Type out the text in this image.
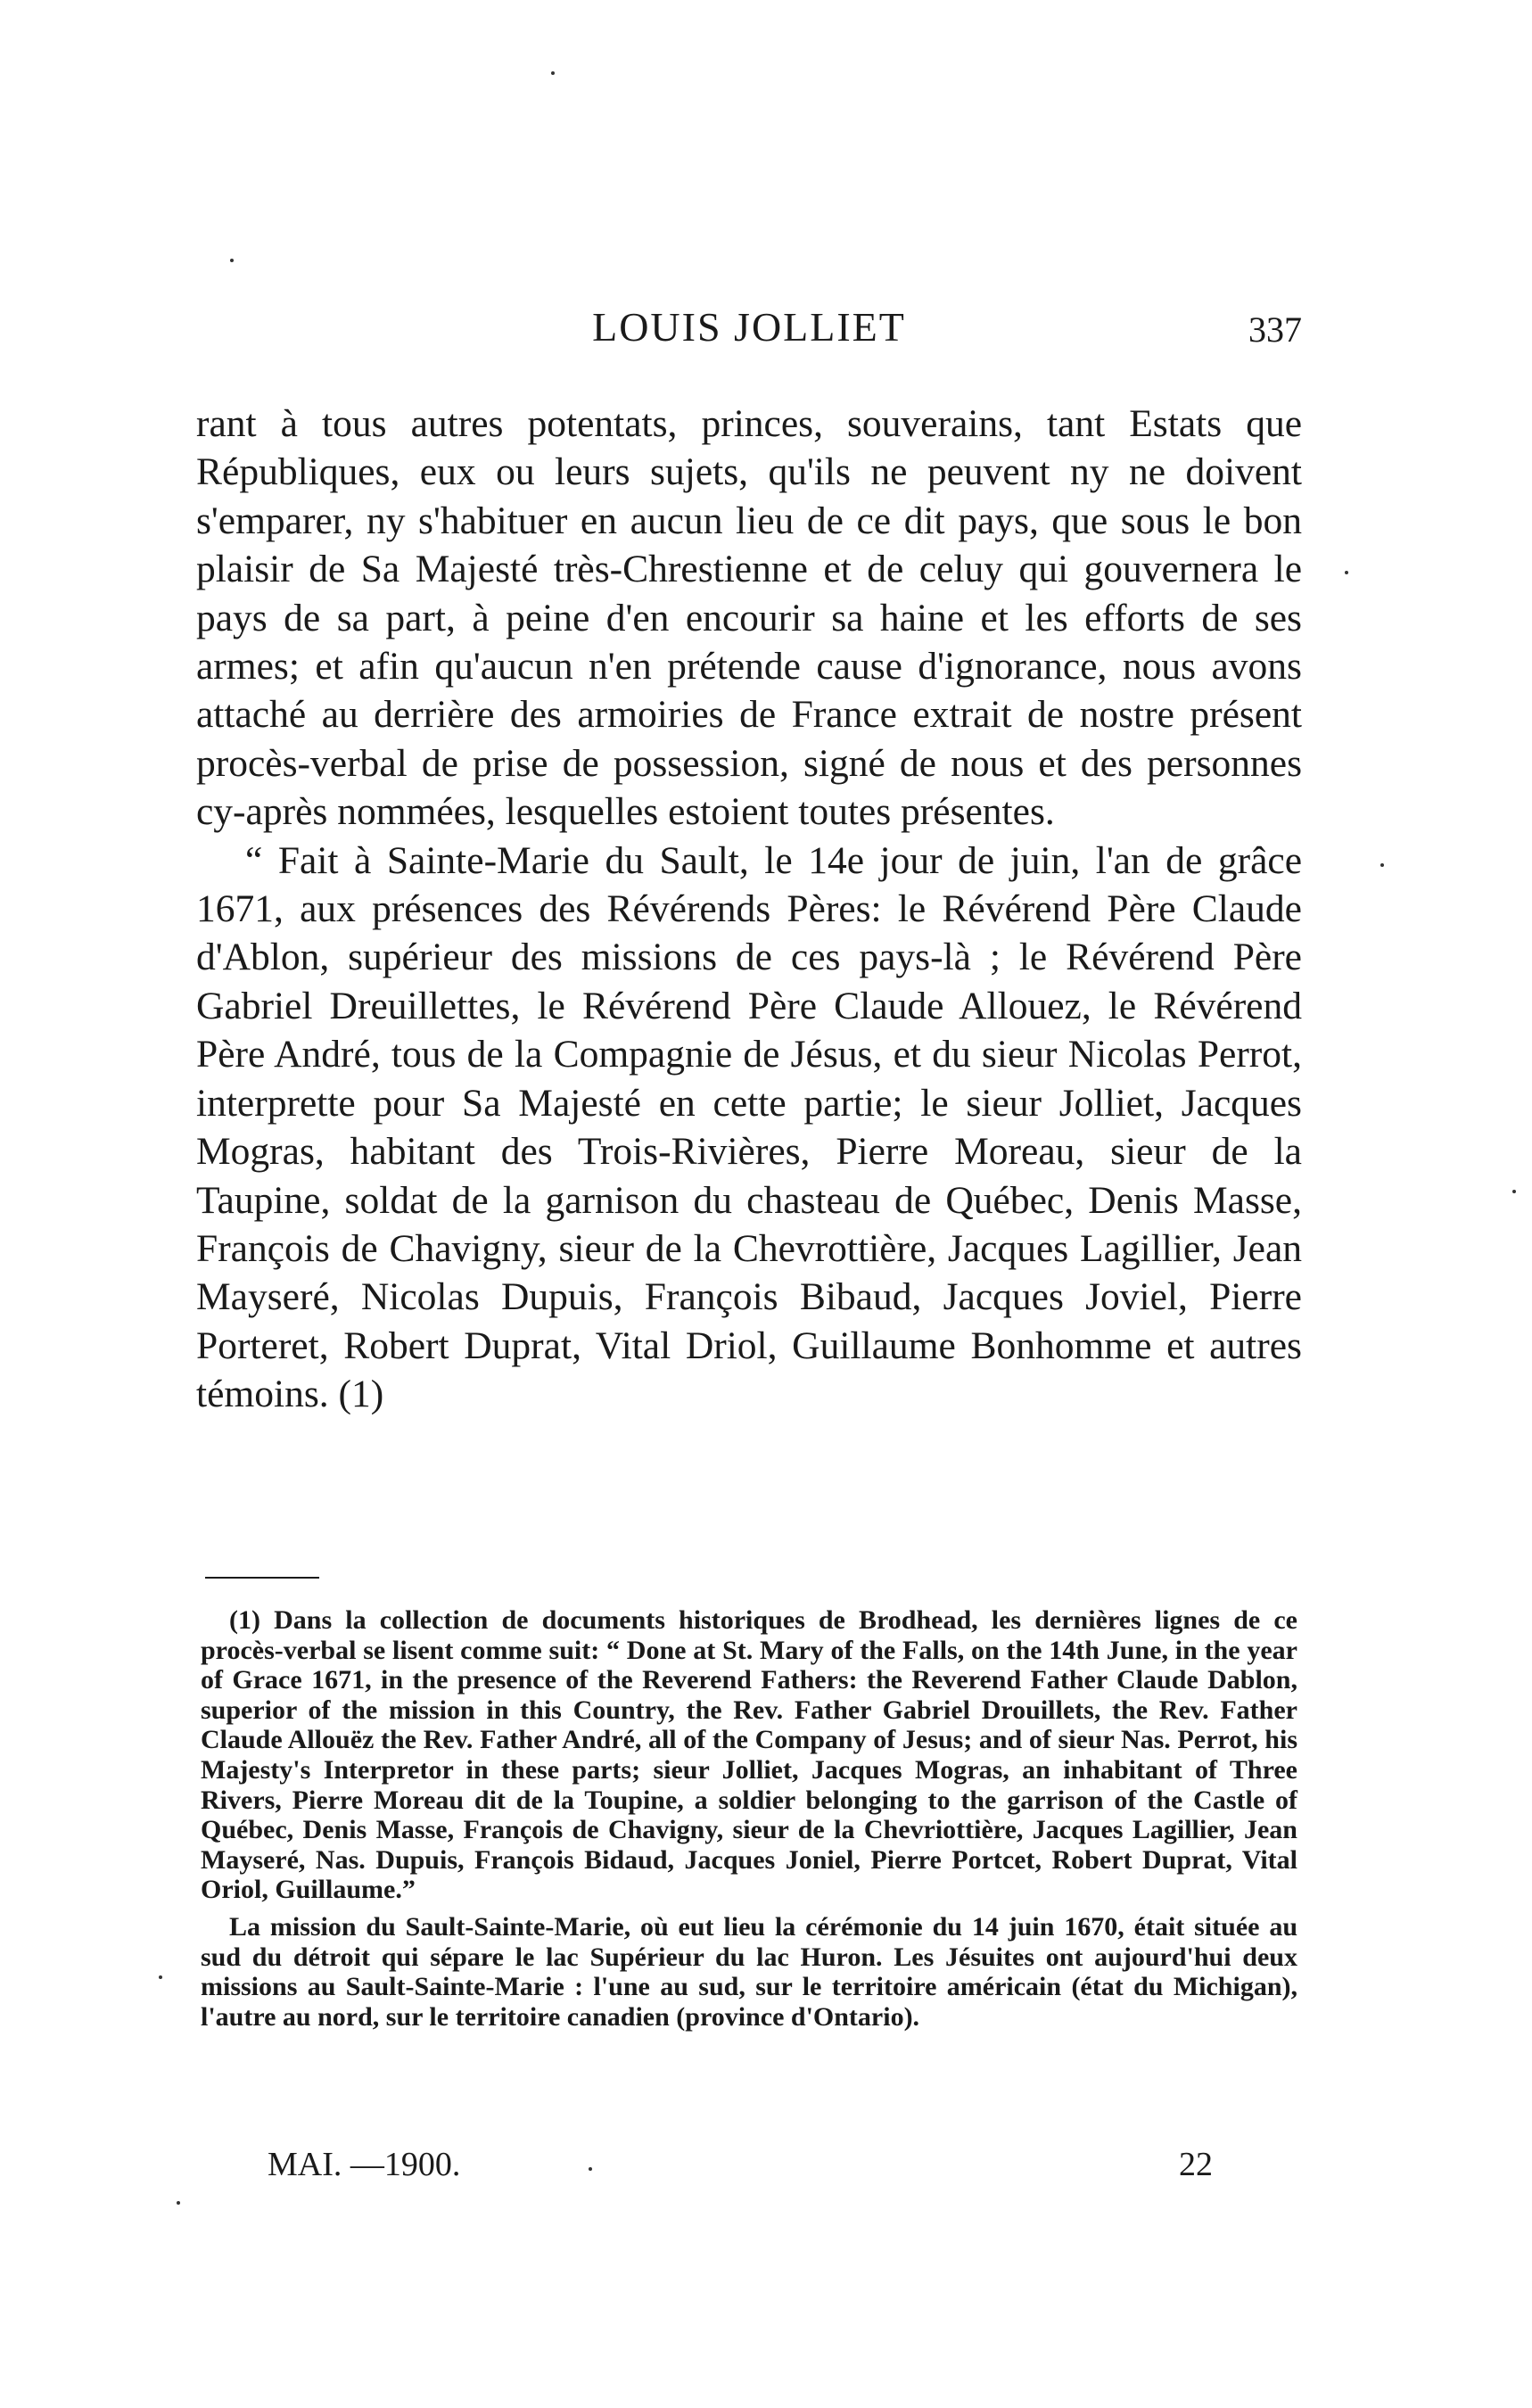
LOUIS JOLLIET	337

rant à tous autres potentats, princes, souverains, tant Estats que Républiques, eux ou leurs sujets, qu'ils ne peuvent ny ne doivent s'emparer, ny s'habituer en aucun lieu de ce dit pays, que sous le bon plaisir de Sa Majesté très-Chrestienne et de celuy qui gouvernera le pays de sa part, à peine d'en encourir sa haine et les efforts de ses armes; et afin qu'aucun n'en prétende cause d'ignorance, nous avons attaché au derrière des armoiries de France extrait de nostre présent procès-verbal de prise de possession, signé de nous et des personnes cy-après nommées, lesquelles estoient toutes présentes.

“ Fait à Sainte-Marie du Sault, le 14e jour de juin, l'an de grâce 1671, aux présences des Révérends Pères: le Révérend Père Claude d'Ablon, supérieur des missions de ces pays-là ; le Révérend Père Gabriel Dreuillettes, le Révérend Père Claude Allouez, le Révérend Père André, tous de la Compagnie de Jésus, et du sieur Nicolas Perrot, interprette pour Sa Majesté en cette partie; le sieur Jolliet, Jacques Mogras, habitant des Trois-Rivières, Pierre Moreau, sieur de la Taupine, soldat de la garnison du chasteau de Québec, Denis Masse, François de Chavigny, sieur de la Chevrottière, Jacques Lagillier, Jean Mayseré, Nicolas Dupuis, François Bibaud, Jacques Joviel, Pierre Porteret, Robert Duprat, Vital Driol, Guillaume Bonhomme et autres témoins. (1)

(1) Dans la collection de documents historiques de Brodhead, les dernières lignes de ce procès-verbal se lisent comme suit: “ Done at St. Mary of the Falls, on the 14th June, in the year of Grace 1671, in the presence of the Reverend Fathers: the Reverend Father Claude Dablon, superior of the mission in this Country, the Rev. Father Gabriel Drouillets, the Rev. Father Claude Allouëz the Rev. Father André, all of the Company of Jesus; and of sieur Nas. Perrot, his Majesty's Interpretor in these parts; sieur Jolliet, Jacques Mogras, an inhabitant of Three Rivers, Pierre Moreau dit de la Toupine, a soldier belonging to the garrison of the Castle of Québec, Denis Masse, François de Chavigny, sieur de la Chevriottière, Jacques Lagillier, Jean Mayseré, Nas. Dupuis, François Bidaud, Jacques Joniel, Pierre Portcet, Robert Duprat, Vital Oriol, Guillaume.”

La mission du Sault-Sainte-Marie, où eut lieu la cérémonie du 14 juin 1670, était située au sud du détroit qui sépare le lac Supérieur du lac Huron. Les Jésuites ont aujourd'hui deux missions au Sault-Sainte-Marie : l'une au sud, sur le territoire américain (état du Michigan), l'autre au nord, sur le territoire canadien (province d'Ontario).

MAI. —1900.	22
